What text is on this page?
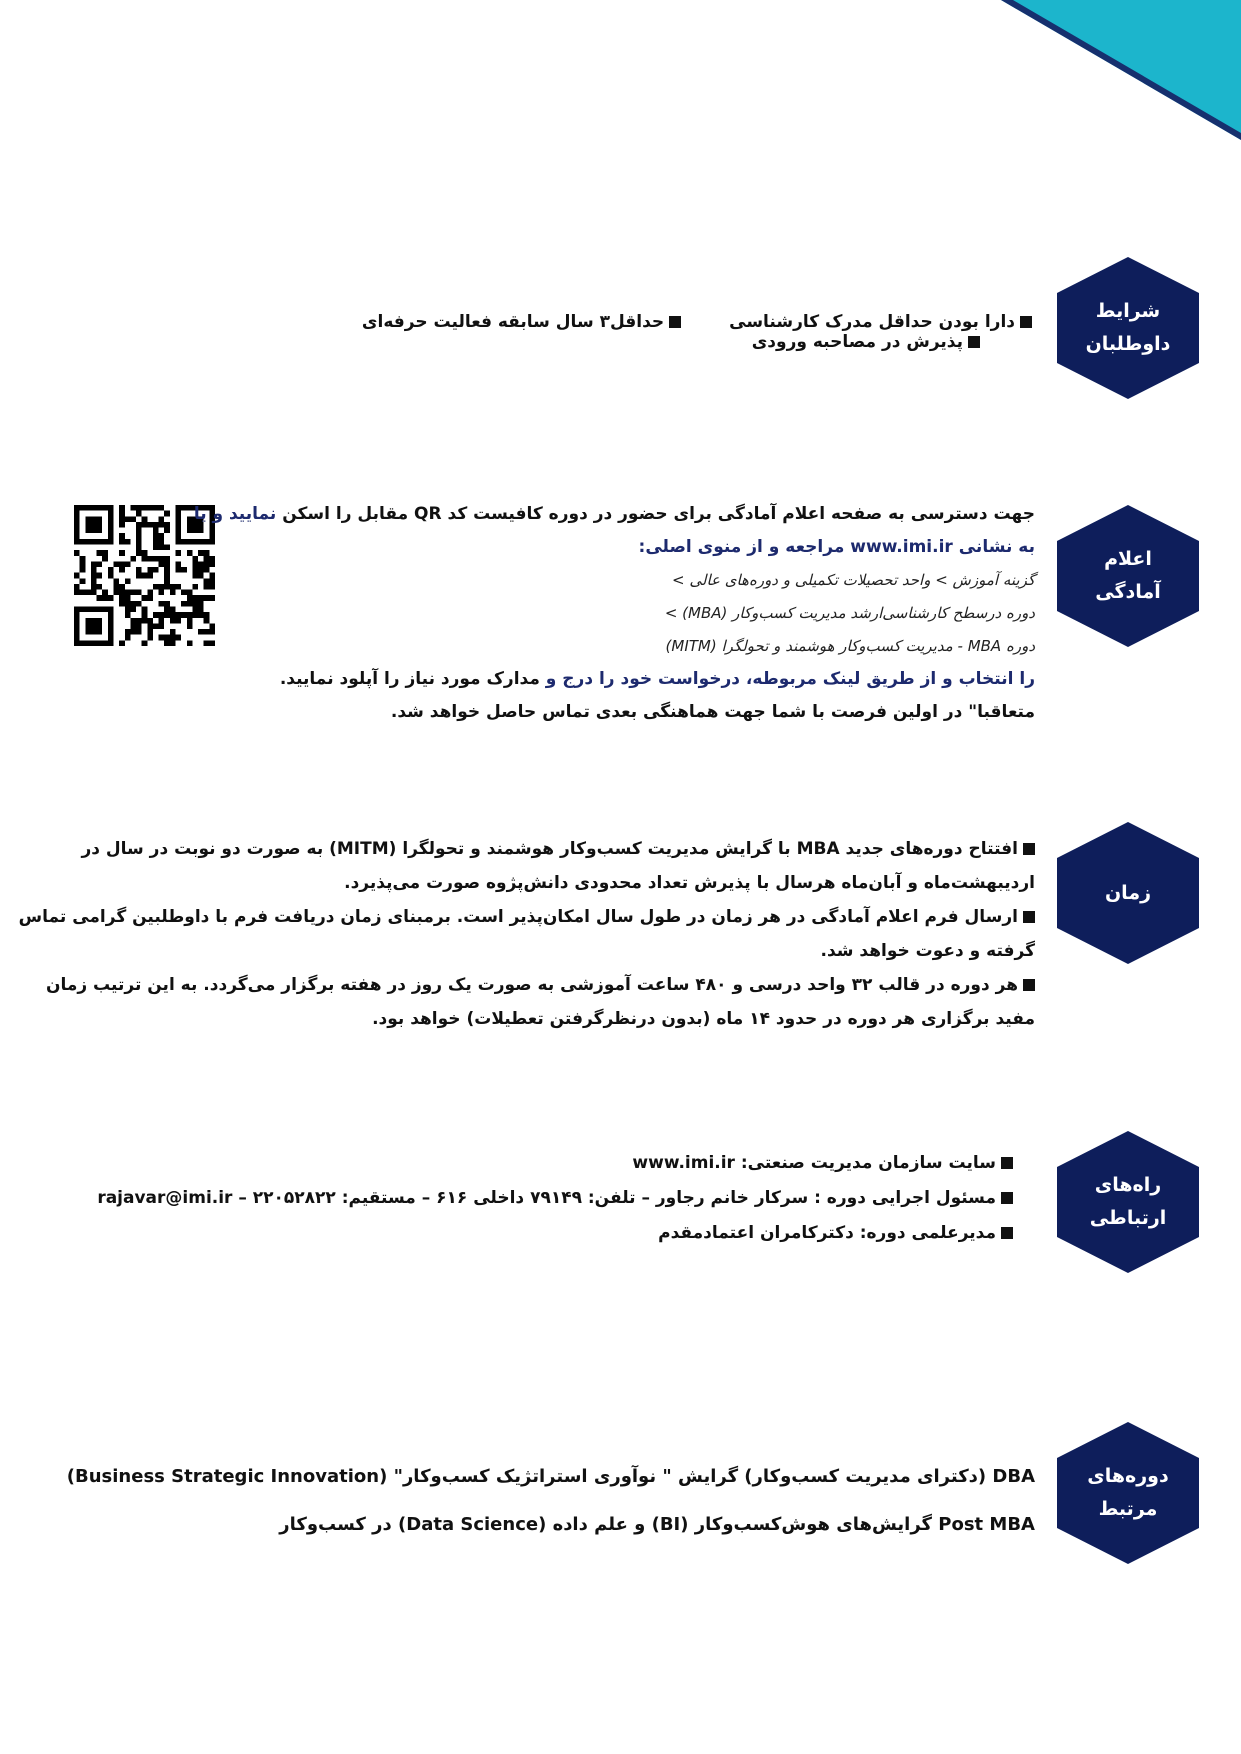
شرایط
داوطلبان
اعلام
آمادگی
زمان
راه‌های
ارتباطی
دوره‌های
مرتبط
دارا بودن حداقل مدرک کارشناسی حداقل۳ سال سابقه فعالیت حرفه‌ای پذیرش در مصاحبه ورودی
جهت دسترسی به صفحه اعلام آمادگی برای حضور در دوره کافیست کد QR مقابل را اسکن نمایید و یا
به نشانی www.imi.ir مراجعه و از منوی اصلی:
گزینه آموزش > واحد تحصیلات تکمیلی و دوره‌های عالی >
دوره درسطح کارشناسی‌ارشد مدیریت کسب‌وکار (MBA) >
دوره MBA - مدیریت کسب‌وکار هوشمند و تحولگرا (MITM)
را انتخاب و از طریق لینک مربوطه، درخواست خود را درج و مدارک مورد نیاز را آپلود نمایید.
متعاقبا" در اولین فرصت با شما جهت هماهنگی بعدی تماس حاصل خواهد شد.
افتتاح دوره‌های جدید MBA با گرایش مدیریت کسب‌وکار هوشمند و تحولگرا (MITM) به صورت دو نوبت در سال در
اردیبهشت‌ماه و آبان‌ماه هرسال با پذیرش تعداد محدودی دانش‌پژوه صورت می‌پذیرد.
ارسال فرم اعلام آمادگی در هر زمان در طول سال امکان‌پذیر است. برمبنای زمان دریافت فرم با داوطلبین گرامی تماس
گرفته و دعوت خواهد شد.
هر دوره در قالب ۳۲ واحد درسی و ۴۸۰ ساعت آموزشی به صورت یک روز در هفته برگزار می‌گردد. به این ترتیب زمان
مفید برگزاری هر دوره در حدود ۱۴ ماه (بدون درنظرگرفتن تعطیلات) خواهد بود.
سایت سازمان مدیریت صنعتی: www.imi.ir
مسئول اجرایی دوره : سرکار خانم رجاور – تلفن: ۷۹۱۴۹ داخلی ۶۱۶ – مستقیم: ۲۲۰۵۲۸۲۲ – rajavar@imi.ir
مدیرعلمی دوره: دکترکامران اعتمادمقدم
DBA (دکترای مدیریت کسب‌وکار) گرایش " نوآوری استراتژیک کسب‌وکار" (Business Strategic Innovation)
Post MBA گرایش‌های هوش‌کسب‌وکار (BI) و علم داده (Data Science) در کسب‌وکار
